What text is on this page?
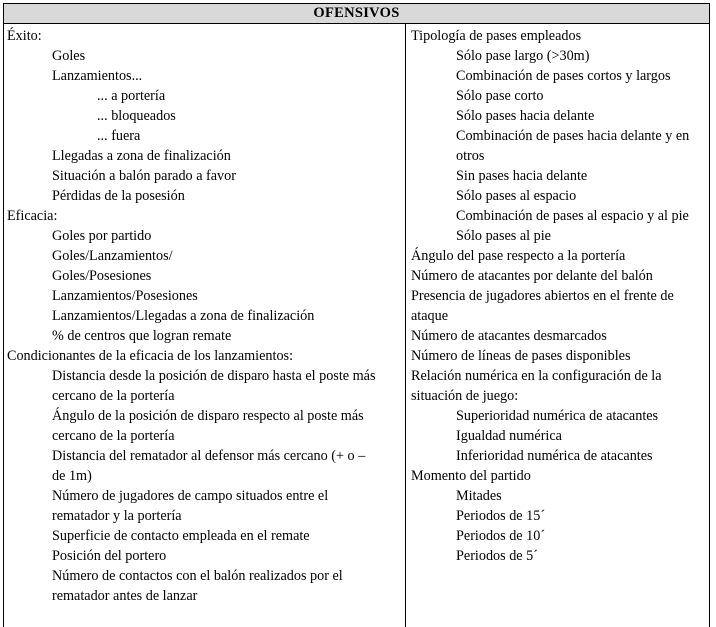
OFENSIVOS
Éxito:
Goles
Lanzamientos...
... a portería
... bloqueados
... fuera
Llegadas a zona de finalización
Situación a balón parado a favor
Pérdidas de la posesión
Eficacia:
Goles por partido
Goles/Lanzamientos/
Goles/Posesiones
Lanzamientos/Posesiones
Lanzamientos/Llegadas a zona de finalización
% de centros que logran remate
Condicionantes de la eficacia de los lanzamientos:
Distancia desde la posición de disparo hasta el poste más
cercano de la portería
Ángulo de la posición de disparo respecto al poste más
cercano de la portería
Distancia del rematador al defensor más cercano (+ o –
de 1m)
Número de jugadores de campo situados entre el
rematador y la portería
Superficie de contacto empleada en el remate
Posición del portero
Número de contactos con el balón realizados por el
rematador antes de lanzar
Tipología de pases empleados
Sólo pase largo (>30m)
Combinación de pases cortos y largos
Sólo pase corto
Sólo pases hacia delante
Combinación de pases hacia delante y en
otros
Sin pases hacia delante
Sólo pases al espacio
Combinación de pases al espacio y al pie
Sólo pases al pie
Ángulo del pase respecto a la portería
Número de atacantes por delante del balón
Presencia de jugadores abiertos en el frente de
ataque
Número de atacantes desmarcados
Número de líneas de pases disponibles
Relación numérica en la configuración de la
situación de juego:
Superioridad numérica de atacantes
Igualdad numérica
Inferioridad numérica de atacantes
Momento del partido
Mitades
Periodos de 15´
Periodos de 10´
Periodos de 5´
